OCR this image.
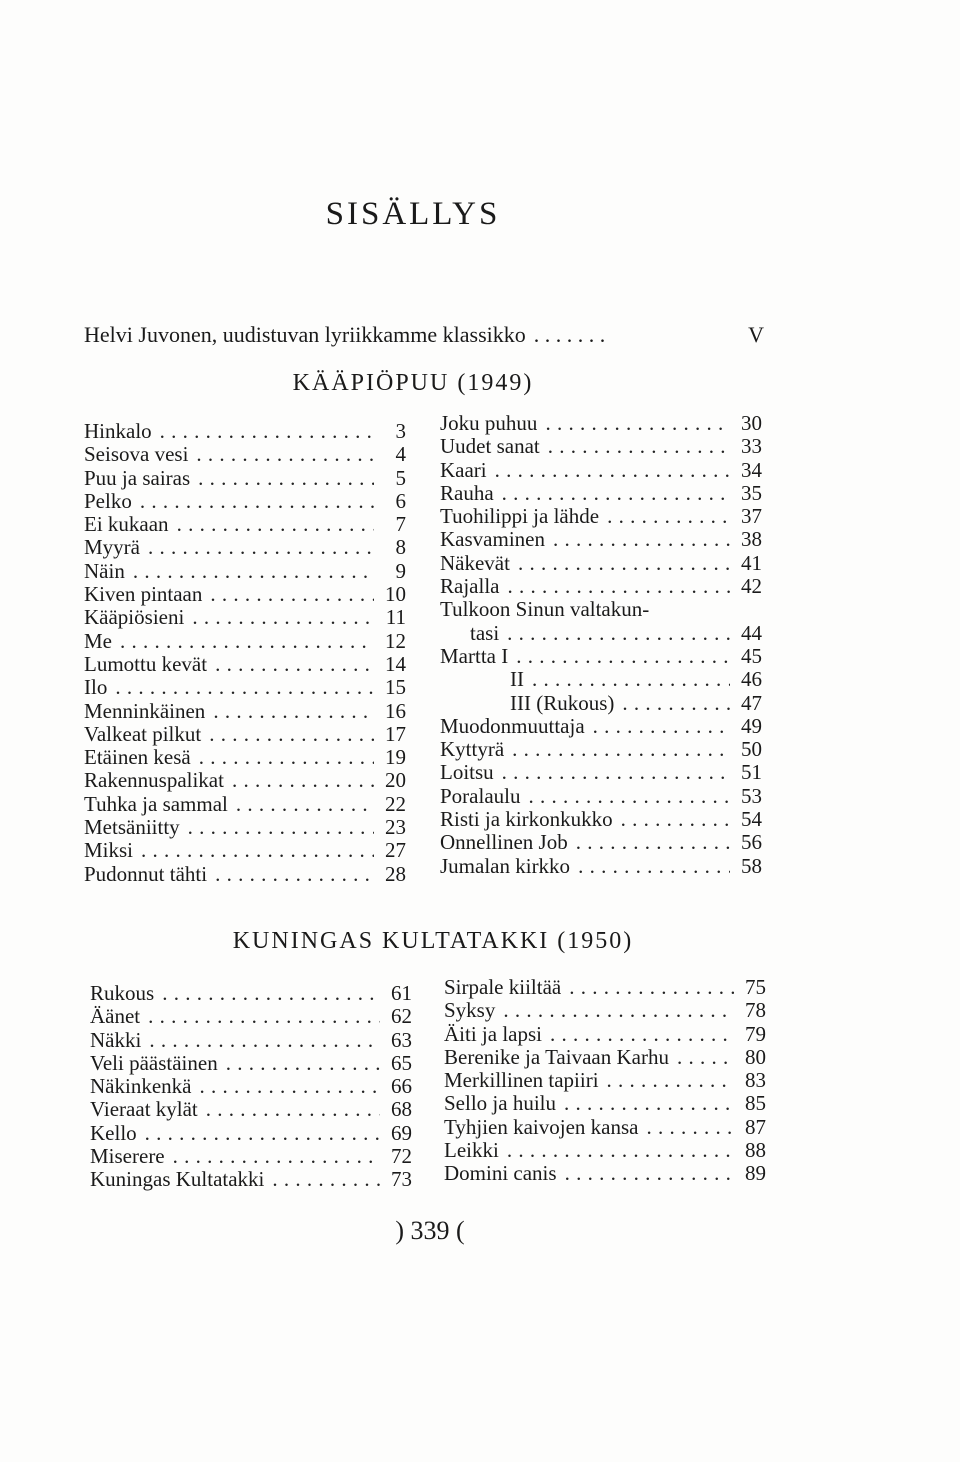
SISÄLLYS
Helvi Juvonen, uudistuvan lyriikkamme klassikko . . . . . . .	V
KÄÄPIÖPUU (1949)
Hinkalo . . .	3
Seisova vesi . . .	4
Puu ja sairas . . .	5
Pelko . . .	6
Ei kukaan . . .	7
Myyrä . . .	8
Näin . . .	9
Kiven pintaan . . .	10
Kääpiösieni . . .	11
Me . . .	12
Lumottu kevät . . .	14
Ilo . . .	15
Menninkäinen . . .	16
Valkeat pilkut . . .	17
Etäinen kesä . . .	19
Rakennuspalikat . . .	20
Tuhka ja sammal . . .	22
Metsäniitty . . .	23
Miksi . . .	27
Pudonnut tähti . . .	28
Joku puhuu . . .	30
Uudet sanat . . .	33
Kaari . . .	34
Rauha . . .	35
Tuohilippi ja lähde . . .	37
Kasvaminen . . .	38
Näkevät . . .	41
Rajalla . . .	42
Tulkoon Sinun valtakun-
tasi . . .	44
Martta I . . .	45
II . . .	46
III (Rukous) . . .	47
Muodonmuuttaja . . .	49
Kyttyrä . . .	50
Loitsu . . .	51
Poralaulu . . .	53
Risti ja kirkonkukko . . .	54
Onnellinen Job . . .	56
Jumalan kirkko . . .	58
KUNINGAS KULTATAKKI (1950)
Rukous . . .	61
Äänet . . .	62
Näkki . . .	63
Veli päästäinen . . .	65
Näkinkenkä . . .	66
Vieraat kylät . . .	68
Kello . . .	69
Miserere . . .	72
Kuningas Kultatakki . . .	73
Sirpale kiiltää . . .	75
Syksy . . .	78
Äiti ja lapsi . . .	79
Berenike ja Taivaan Karhu . . .	80
Merkillinen tapiiri . . .	83
Sello ja huilu . . .	85
Tyhjien kaivojen kansa . . .	87
Leikki . . .	88
Domini canis . . .	89
) 339 (
